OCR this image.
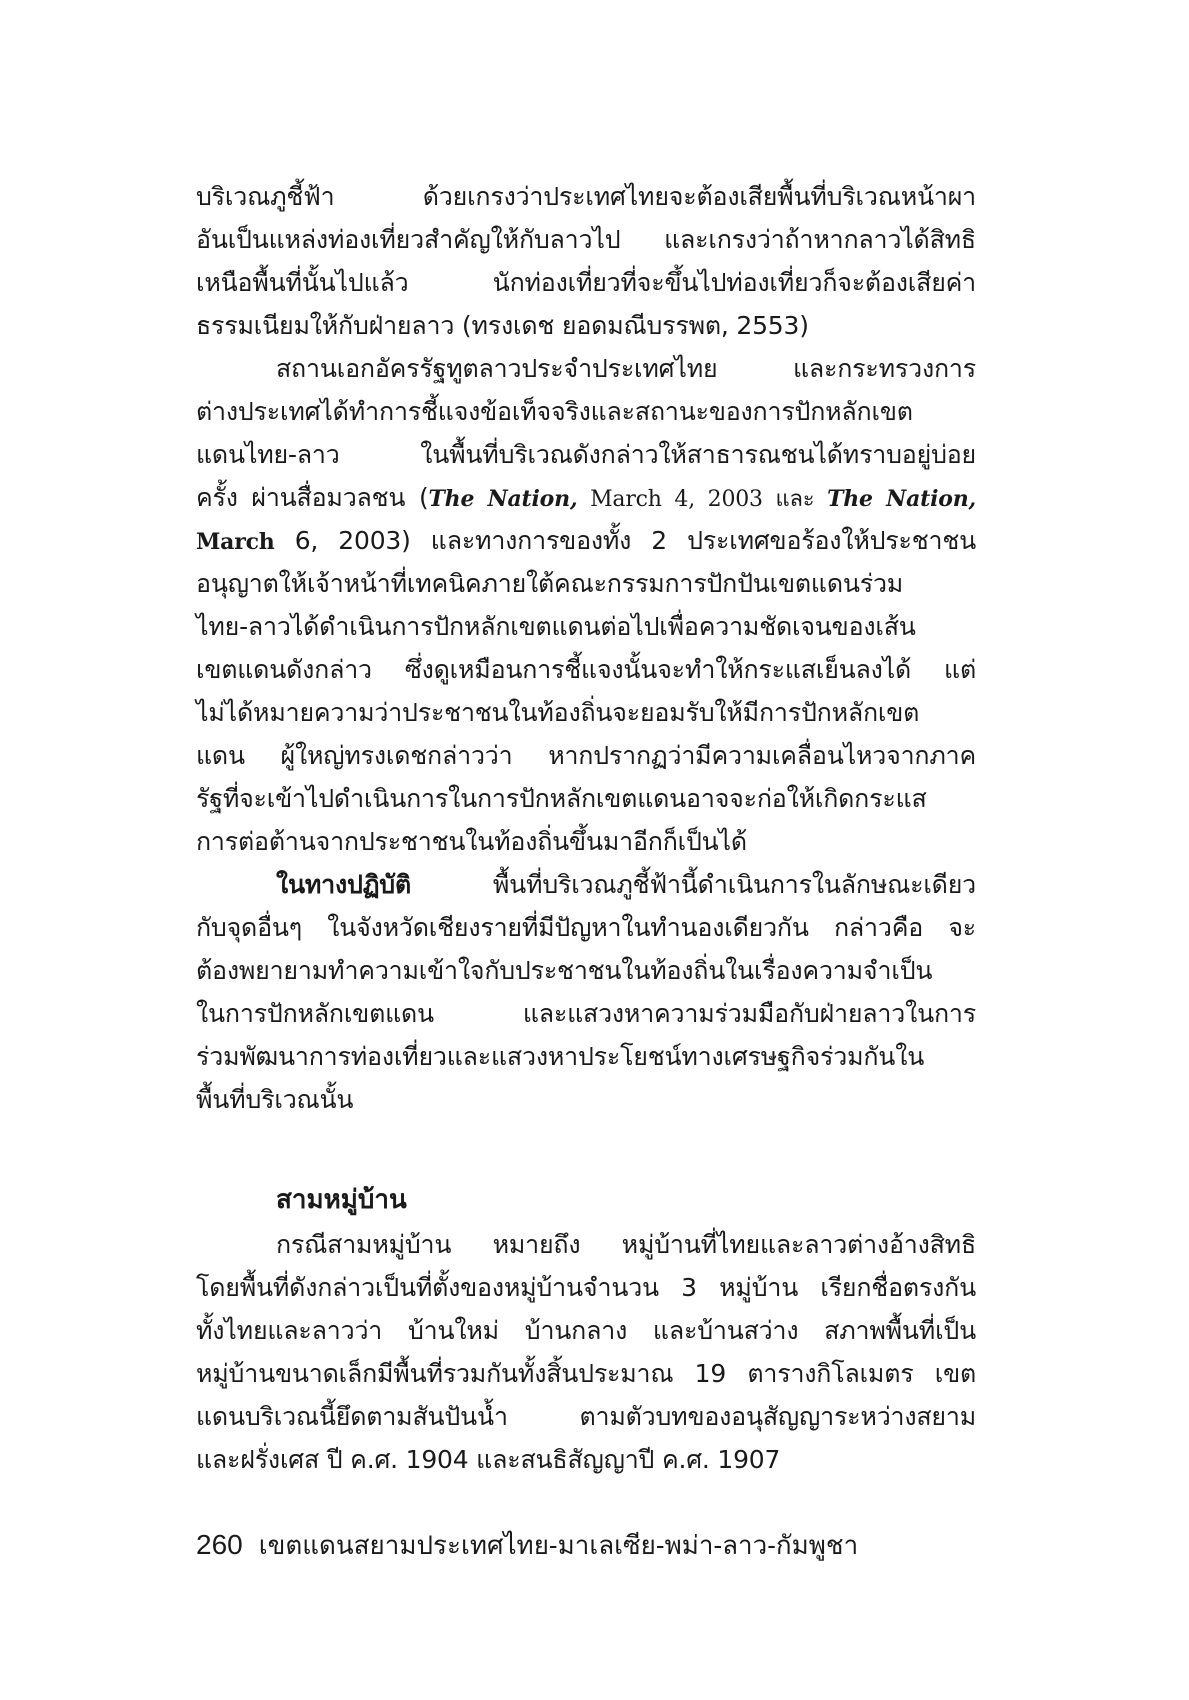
บริเวณภูชี้ฟ้า ด้วยเกรงว่าประเทศไทยจะต้องเสียพื้นที่บริเวณหน้าผา
อันเป็นแหล่งท่องเที่ยวสำคัญให้กับลาวไป และเกรงว่าถ้าหากลาวได้สิทธิ
เหนือพื้นที่นั้นไปแล้ว นักท่องเที่ยวที่จะขึ้นไปท่องเที่ยวก็จะต้องเสียค่า
ธรรมเนียมให้กับฝ่ายลาว (ทรงเดช ยอดมณีบรรพต, 2553)
สถานเอกอัครรัฐทูตลาวประจำประเทศไทย และกระทรวงการ
ต่างประเทศได้ทำการชี้แจงข้อเท็จจริงและสถานะของการปักหลักเขต
แดนไทย-ลาว ในพื้นที่บริเวณดังกล่าวให้สาธารณชนได้ทราบอยู่บ่อย
ครั้ง ผ่านสื่อมวลชน (The Nation, March 4, 2003 และ The Nation,
March 6, 2003) และทางการของทั้ง 2 ประเทศขอร้องให้ประชาชน
อนุญาตให้เจ้าหน้าที่เทคนิคภายใต้คณะกรรมการปักปันเขตแดนร่วม
ไทย-ลาวได้ดำเนินการปักหลักเขตแดนต่อไปเพื่อความชัดเจนของเส้น
เขตแดนดังกล่าว ซึ่งดูเหมือนการชี้แจงนั้นจะทำให้กระแสเย็นลงได้ แต่
ไม่ได้หมายความว่าประชาชนในท้องถิ่นจะยอมรับให้มีการปักหลักเขต
แดน ผู้ใหญ่ทรงเดชกล่าวว่า หากปรากฏว่ามีความเคลื่อนไหวจากภาค
รัฐที่จะเข้าไปดำเนินการในการปักหลักเขตแดนอาจจะก่อให้เกิดกระแส
การต่อต้านจากประชาชนในท้องถิ่นขึ้นมาอีกก็เป็นได้
ในทางปฏิบัติ พื้นที่บริเวณภูชี้ฟ้านี้ดำเนินการในลักษณะเดียว
กับจุดอื่นๆ ในจังหวัดเชียงรายที่มีปัญหาในทำนองเดียวกัน กล่าวคือ จะ
ต้องพยายามทำความเข้าใจกับประชาชนในท้องถิ่นในเรื่องความจำเป็น
ในการปักหลักเขตแดน และแสวงหาความร่วมมือกับฝ่ายลาวในการ
ร่วมพัฒนาการท่องเที่ยวและแสวงหาประโยชน์ทางเศรษฐกิจร่วมกันใน
พื้นที่บริเวณนั้น
สามหมู่บ้าน
กรณีสามหมู่บ้าน หมายถึง หมู่บ้านที่ไทยและลาวต่างอ้างสิทธิ
โดยพื้นที่ดังกล่าวเป็นที่ตั้งของหมู่บ้านจำนวน 3 หมู่บ้าน เรียกชื่อตรงกัน
ทั้งไทยและลาวว่า บ้านใหม่ บ้านกลาง และบ้านสว่าง สภาพพื้นที่เป็น
หมู่บ้านขนาดเล็กมีพื้นที่รวมกันทั้งสิ้นประมาณ 19 ตารางกิโลเมตร เขต
แดนบริเวณนี้ยึดตามสันปันน้ำ ตามตัวบทของอนุสัญญาระหว่างสยาม
และฝรั่งเศส ปี ค.ศ. 1904 และสนธิสัญญาปี ค.ศ. 1907
260 เขตแดนสยามประเทศไทย-มาเลเซีย-พม่า-ลาว-กัมพูชา
